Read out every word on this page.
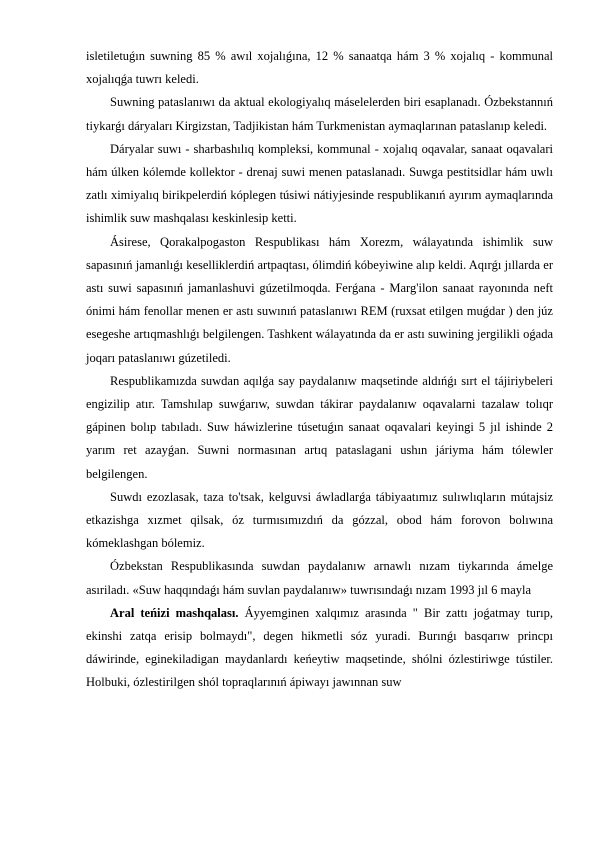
isletiletuǵın suwning 85 % awıl xojalıǵına, 12 % sanaatqa hám 3 % xojalıq - kommunal xojalıqǵa tuwrı keledi.

Suwning pataslanıwı da aktual ekologiyalıq máselelerden biri esaplanadı. Ózbekstannıń tiykarǵı dáryaları Kirgizstan, Tadjikistan hám Turkmenistan aymaqlarınan pataslanıp keledi.

Dáryalar suwı - sharbashılıq kompleksi, kommunal - xojalıq oqavalar, sanaat oqavalari hám úlken kólemde kollektor - drenaj suwi menen pataslanadı. Suwga pestitsidlar hám uwlı zatlı ximiyalıq birikpelerdiń kóplegen túsiwi nátiyjesinde respublikanıń ayırım aymaqlarında ishimlik suw mashqalası keskinlesip ketti.

Ásirese, Qorakalpogaston Respublikası hám Xorezm, wálayatında ishimlik suw sapasınıń jamanlıǵı keselliklerdiń artpaqtası, ólimdiń kóbeyiwine alıp keldi. Aqırǵı jıllarda er astı suwi sapasınıń jamanlashuvi gúzetilmoqda. Ferǵana - Marg'ilon sanaat rayonında neft ónimi hám fenollar menen er astı suwınıń pataslanıwı REM (ruxsat etilgen muǵdar ) den júz esegeshe artıqmashlıǵı belgilengen. Tashkent wálayatında da er astı suwining jergilikli oǵada joqarı pataslanıwı gúzetiledi.

Respublikamızda suwdan aqılǵa say paydalanıw maqsetinde aldıńǵı sırt el tájiriybeleri engizilip atır. Tamshılap suwǵarıw, suwdan tákirar paydalanıw oqavalarni tazalaw tolıqr gápinen bolıp tabıladı. Suw háwizlerine túsetuǵın sanaat oqavalari keyingi 5 jıl ishinde 2 yarım ret azayǵan. Suwni normasınan artıq pataslagani ushın járiyma hám tólewler belgilengen.

Suwdı ezozlasak, taza to'tsak, kelguvsi áwladlarǵa tábiyaatımız sulıwlıqların mútajsiz etkazishga xızmet qilsak, óz turmısımızdıń da gózzal, obod hám forovon bolıwına kómeklashgan bólemiz.

Ózbekstan Respublikasında suwdan paydalanıw arnawlı nızam tiykarında ámelge asıriladı. «Suw haqqındaǵı hám suvlan paydalanıw» tuwrısındaǵı nızam 1993 jıl 6 mayla

Aral teńizi mashqalası. Áyyemginen xalqımız arasında " Bir zattı joǵatmay turıp, ekinshi zatqa erisip bolmaydı", degen hikmetli sóz yuradi. Burınǵı basqarıw princpı dáwirinde, eginekiladigan maydanlardı keńeytiw maqsetinde, shólni ózlestiriwge tústiler. Holbuki, ózlestirilgen shól topraqlarınıń ápiwayı jawınnan suw
